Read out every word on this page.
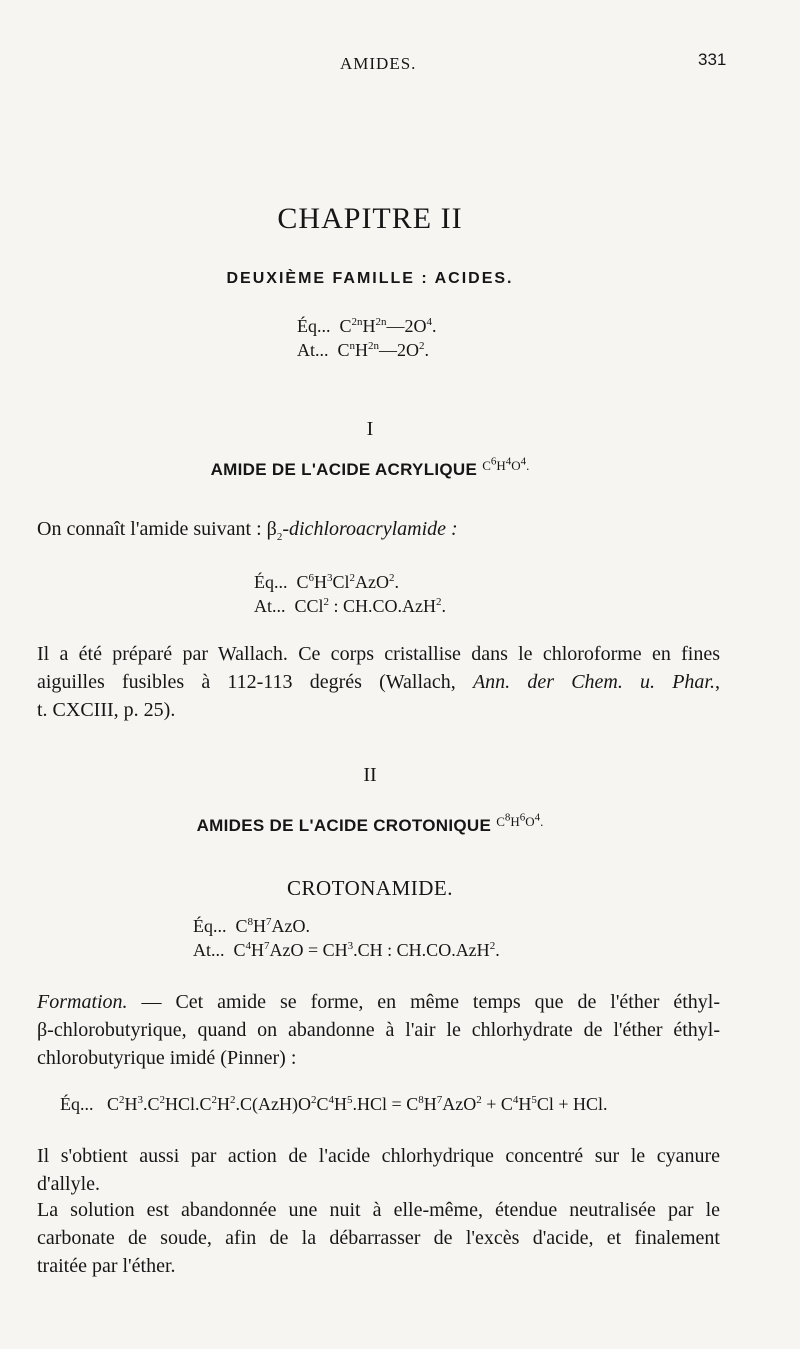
AMIDES.	331
CHAPITRE II
DEUXIÈME FAMILLE : ACIDES.
Éq... $C^{2n}H^{2n}—2O^4$.
At... $C^nH^{2n}—2O^2$.
I
AMIDE DE L'ACIDE ACRYLIQUE $^{C^6H^4O^4.}$
On connaît l'amide suivant : $\beta_2$-dichloroacrylamide :
Éq... $C^6H^3Cl^2AzO^2$.
At... CCl$^2$ : CH.CO.AzH$^2$.
Il a été préparé par Wallach. Ce corps cristallise dans le chloroforme en fines
aiguilles fusibles à 112-113 degrés (Wallach, Ann. der Chem. u. Phar.,
t. CXCIII, p. 25).
II
AMIDES DE L'ACIDE CROTONIQUE $^{C^8H^6O^4.}$
CROTONAMIDE.
Éq... $C^8H^7AzO$.
At... $C^4H^7AzO = CH^3.CH$ : CH.CO.AzH$^2$.
Formation. — Cet amide se forme, en même temps que de l'éther éthyl-
β-chlorobutyrique, quand on abandonne à l'air le chlorhydrate de l'éther éthyl-
chlorobutyrique imidé (Pinner) :
Éq... $C^2H^3.C^2HCl.C^2H^2.C(AzH)O^2C^4H^5.HCl = C^8H^7AzO^2 + C^4H^5Cl$ + HCl.
Il s'obtient aussi par action de l'acide chlorhydrique concentré sur le cyanure
d'allyle.
La solution est abandonnée une nuit à elle-même, étendue neutralisée par le
carbonate de soude, afin de la débarrasser de l'excès d'acide, et finalement
traitée par l'éther.
